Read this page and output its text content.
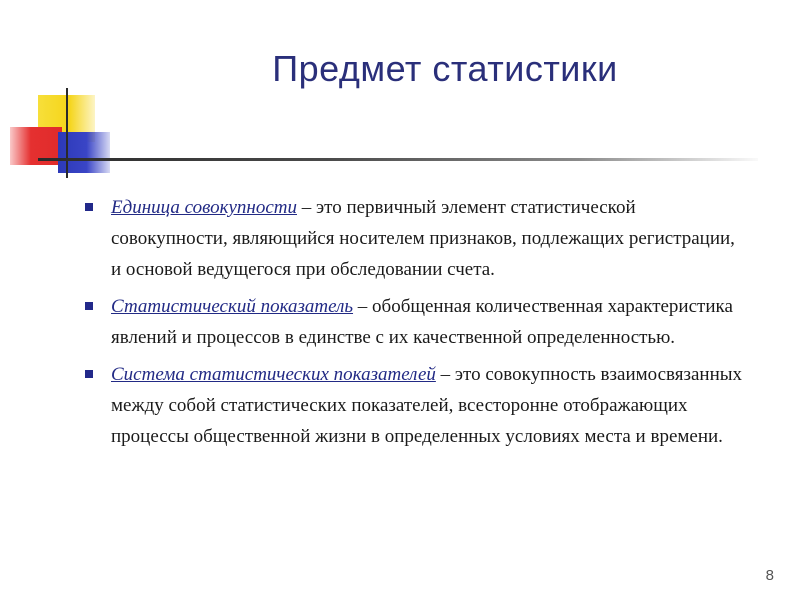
Предмет статистики
Единица совокупности – это первичный элемент статистической совокупности, являющийся носителем признаков, подлежащих регистрации, и основой ведущегося при обследовании счета.
Статистический показатель – обобщенная количественная характеристика явлений и процессов в единстве с их качественной определенностью.
Система статистических показателей – это совокупность взаимосвязанных между собой статистических показателей, всесторонне отображающих процессы общественной жизни в определенных условиях места и времени.
8
